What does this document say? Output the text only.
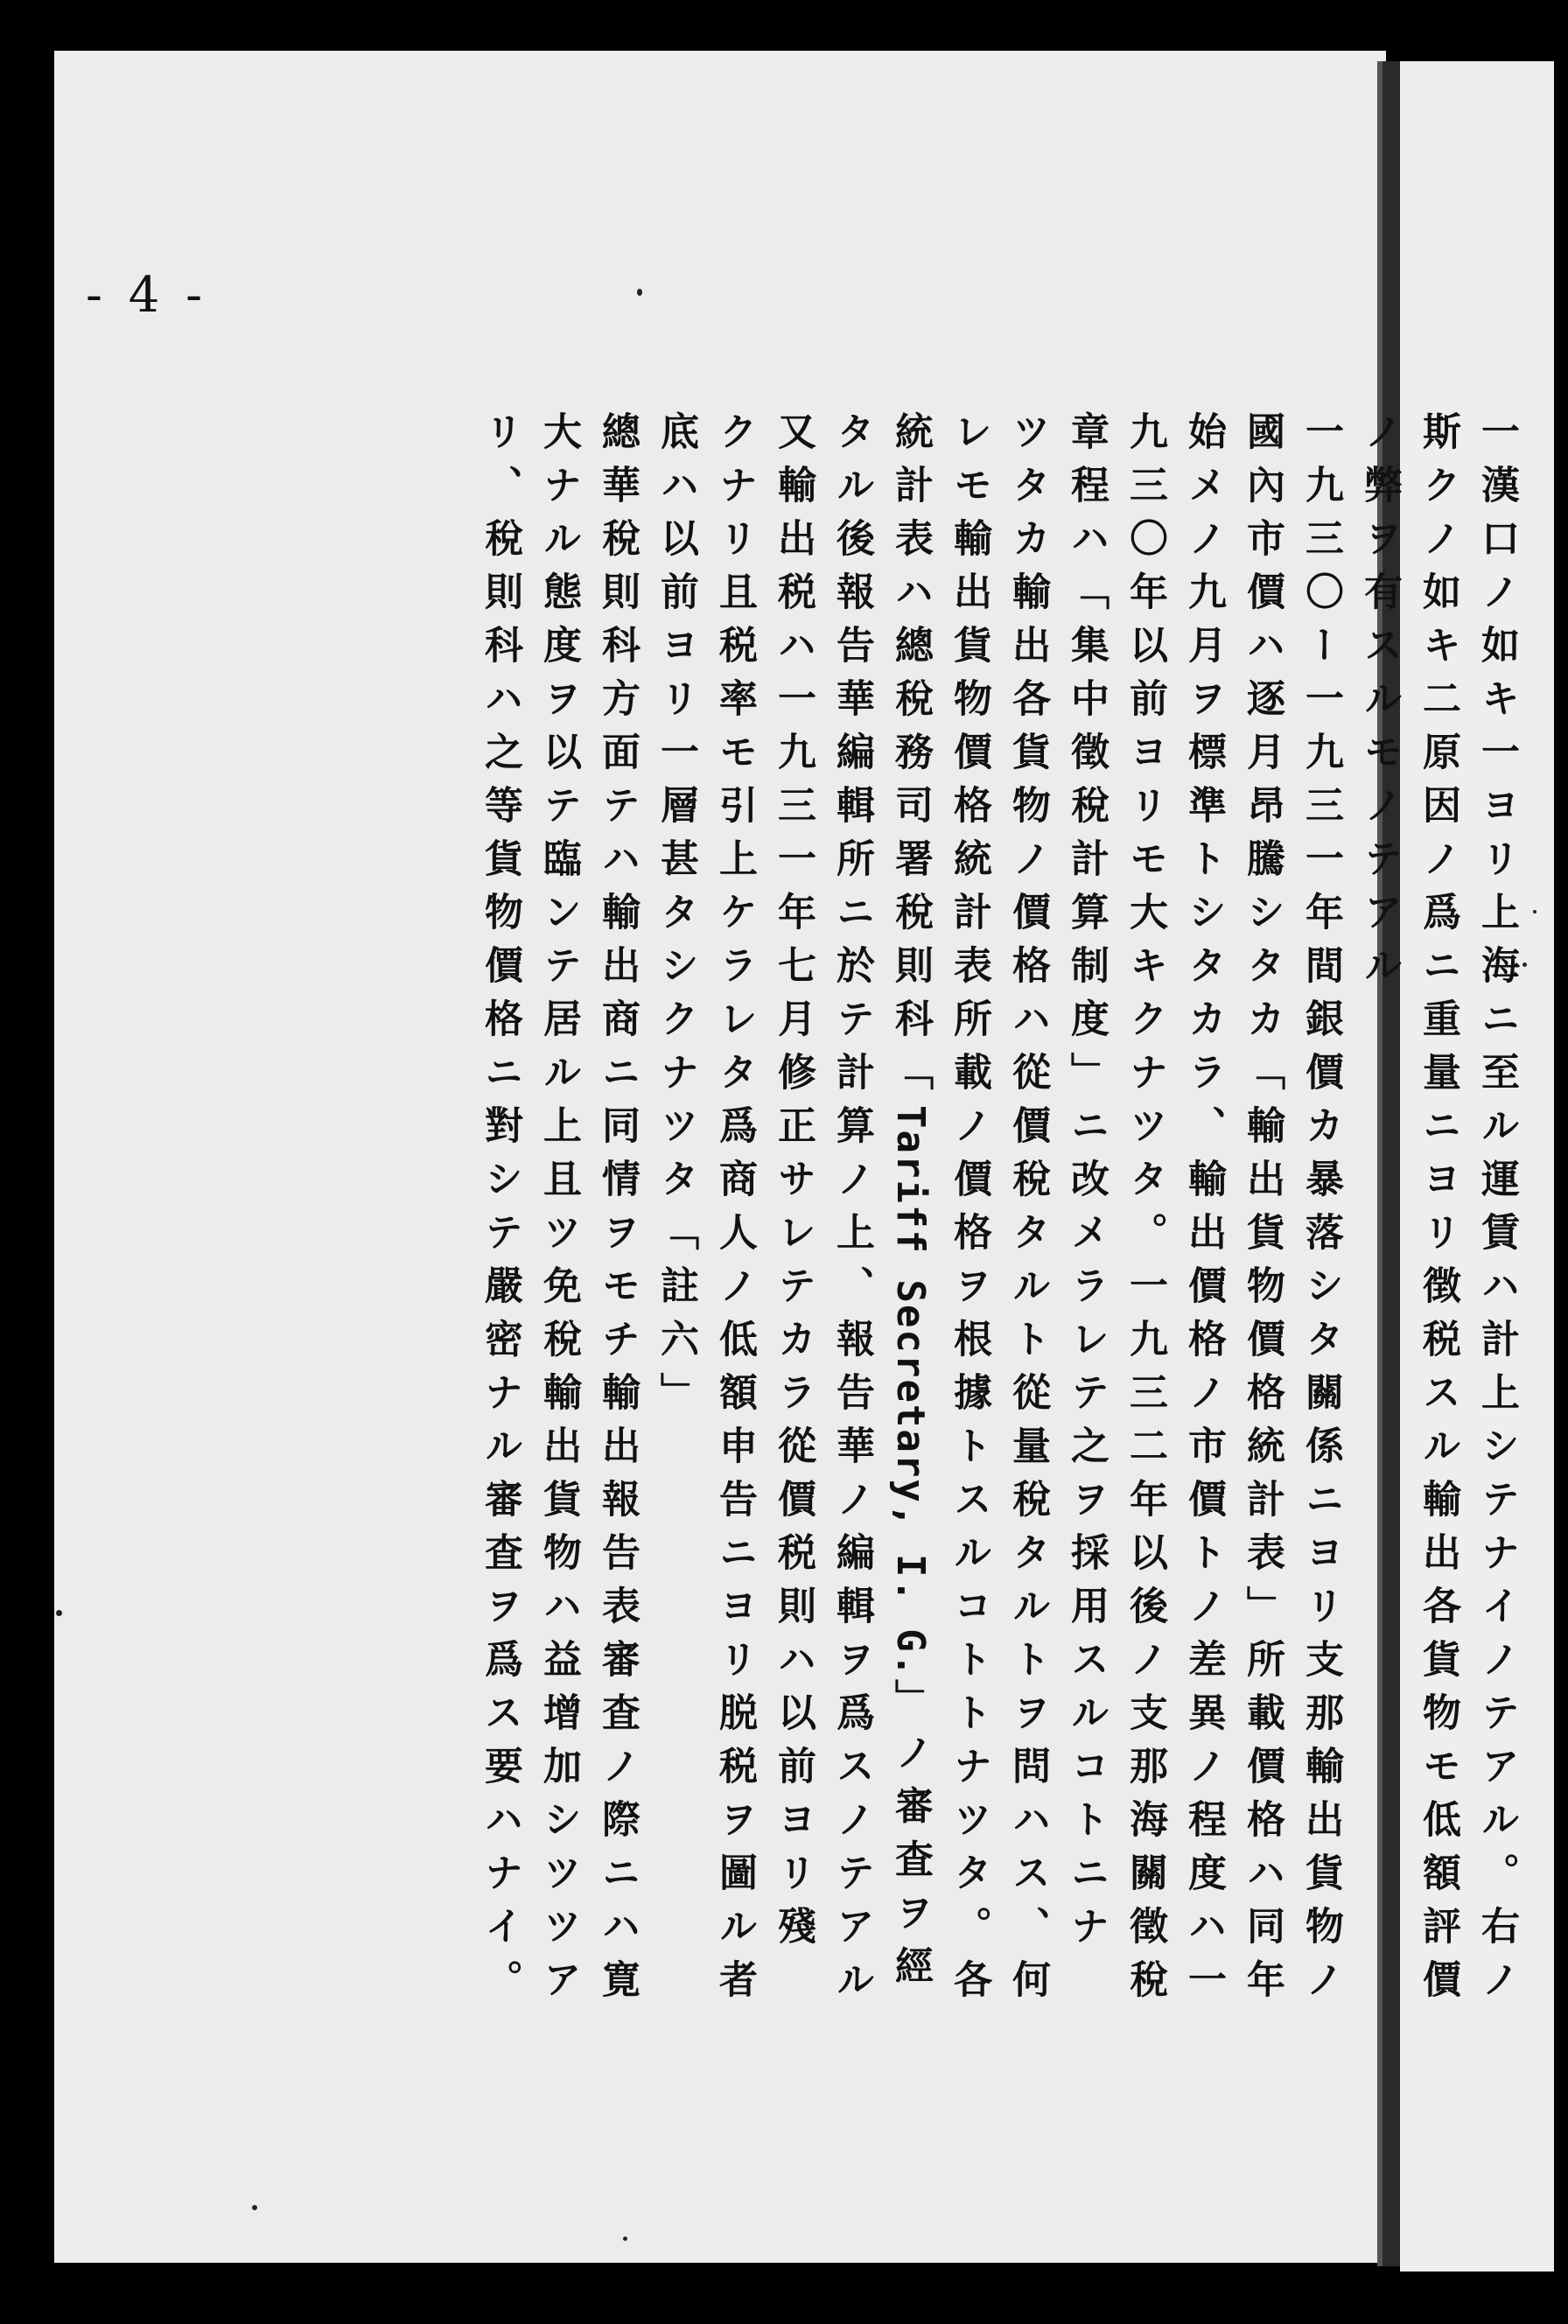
- 4 -
一漢口ノ如キ一ヨリ上海ニ至ル運賃ハ計上シテナイノテアル。右ノ
斯クノ如キ二原因ノ爲ニ重量ニヨリ徴税スル輸出各貨物モ低額評價
ノ弊ヲ有スルモノテアル
一九三〇ー一九三一年間銀價カ暴落シタ關係ニヨリ支那輸出貨物ノ
國內市價ハ逐月昂騰シタカ「輸出貨物價格統計表」所載價格ハ同年
始メノ九月ヲ標準トシタカラ、輸出價格ノ市價トノ差異ノ程度ハ一
九三〇年以前ヨリモ大キクナツタ。一九三二年以後ノ支那海關徵稅
章程ハ「集中徵稅計算制度」ニ改メラレテ之ヲ採用スルコトニナ
ツタカ輸出各貨物ノ價格ハ從價稅タルト從量稅タルトヲ問ハス、何
レモ輸出貨物價格統計表所載ノ價格ヲ根據トスルコトトナツタ。各
統計表ハ總稅務司署稅則科「Tariff Secretary, I. G.」ノ審査ヲ經
タル後報告華編輯所ニ於テ計算ノ上、報告華ノ編輯ヲ爲スノテアル
又輸出税ハ一九三一年七月修正サレテカラ從價税則ハ以前ヨリ殘
クナリ且税率モ引上ケラレタ爲商人ノ低額申告ニヨリ脱税ヲ圖ル者
底ハ以前ヨリ一層甚タシクナツタ「註六」
總華稅則科方面テハ輸出商ニ同情ヲモチ輸出報告表審査ノ際ニハ寛
大ナル態度ヲ以テ臨ンテ居ル上且ツ免稅輸出貨物ハ益增加シツツア
リ、稅則科ハ之等貨物價格ニ對シテ嚴密ナル審査ヲ爲ス要ハナイ。
